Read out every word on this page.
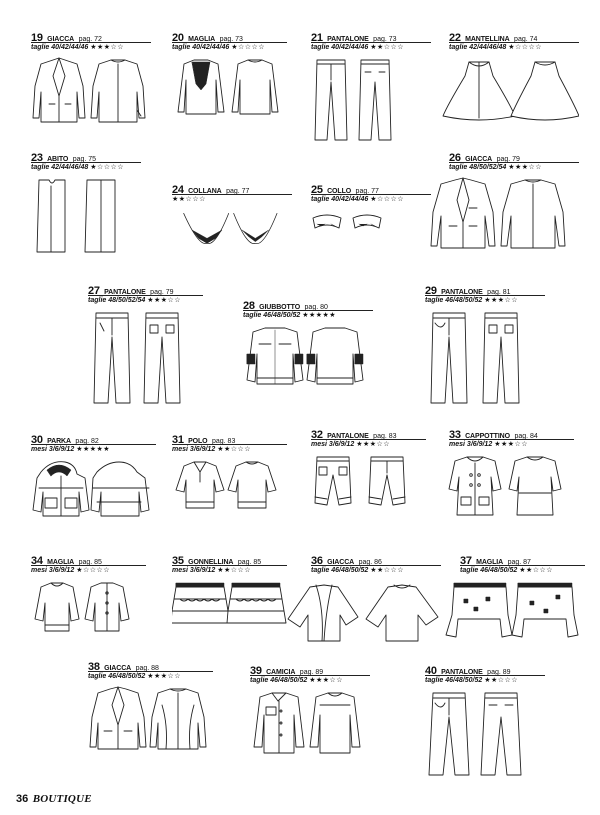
19 GIACCA pag. 72
taglie 40/42/44/46 ★★★☆☆
20 MAGLIA pag. 73
taglie 40/42/44/46 ★☆☆☆☆
21 PANTALONE pag. 73
taglie 40/42/44/46 ★★☆☆☆
22 MANTELLINA pag. 74
taglie 42/44/46/48 ★☆☆☆☆
23 ABITO pag. 75
taglie 42/44/46/48 ★☆☆☆☆
24 COLLANA pag. 77
★★☆☆☆
25 COLLO pag. 77
taglie 40/42/44/46 ★☆☆☆☆
26 GIACCA pag. 79
taglie 48/50/52/54 ★★★☆☆
27 PANTALONE pag. 79
taglie 48/50/52/54 ★★★☆☆	28 GIUBBOTTO pag. 80
taglie 46/48/50/52 ★★★★★
29 PANTALONE pag. 81
taglie 46/48/50/52 ★★★☆☆
30 PARKA pag. 82
mesi 3/6/9/12 ★★★★★
31 POLO pag. 83
mesi 3/6/9/12 ★★☆☆☆
32 PANTALONE pag. 83
mesi 3/6/9/12 ★★★☆☆
33 CAPPOTTINO pag. 84
mesi 3/6/9/12 ★★★☆☆
34 MAGLIA pag. 85
mesi 3/6/9/12 ★☆☆☆☆
35 GONNELLINA pag. 85
mesi 3/6/9/12 ★★☆☆☆
36 GIACCA pag. 86
taglie 46/48/50/52 ★★☆☆☆
37 MAGLIA pag. 87
taglie 46/48/50/52 ★★☆☆☆
38 GIACCA pag. 88
taglie 46/48/50/52 ★★★☆☆	39 CAMICIA pag. 89
taglie 46/48/50/52 ★★★☆☆
40 PANTALONE pag. 89
taglie 46/48/50/52 ★★☆☆☆
36 BOUTIQUE
